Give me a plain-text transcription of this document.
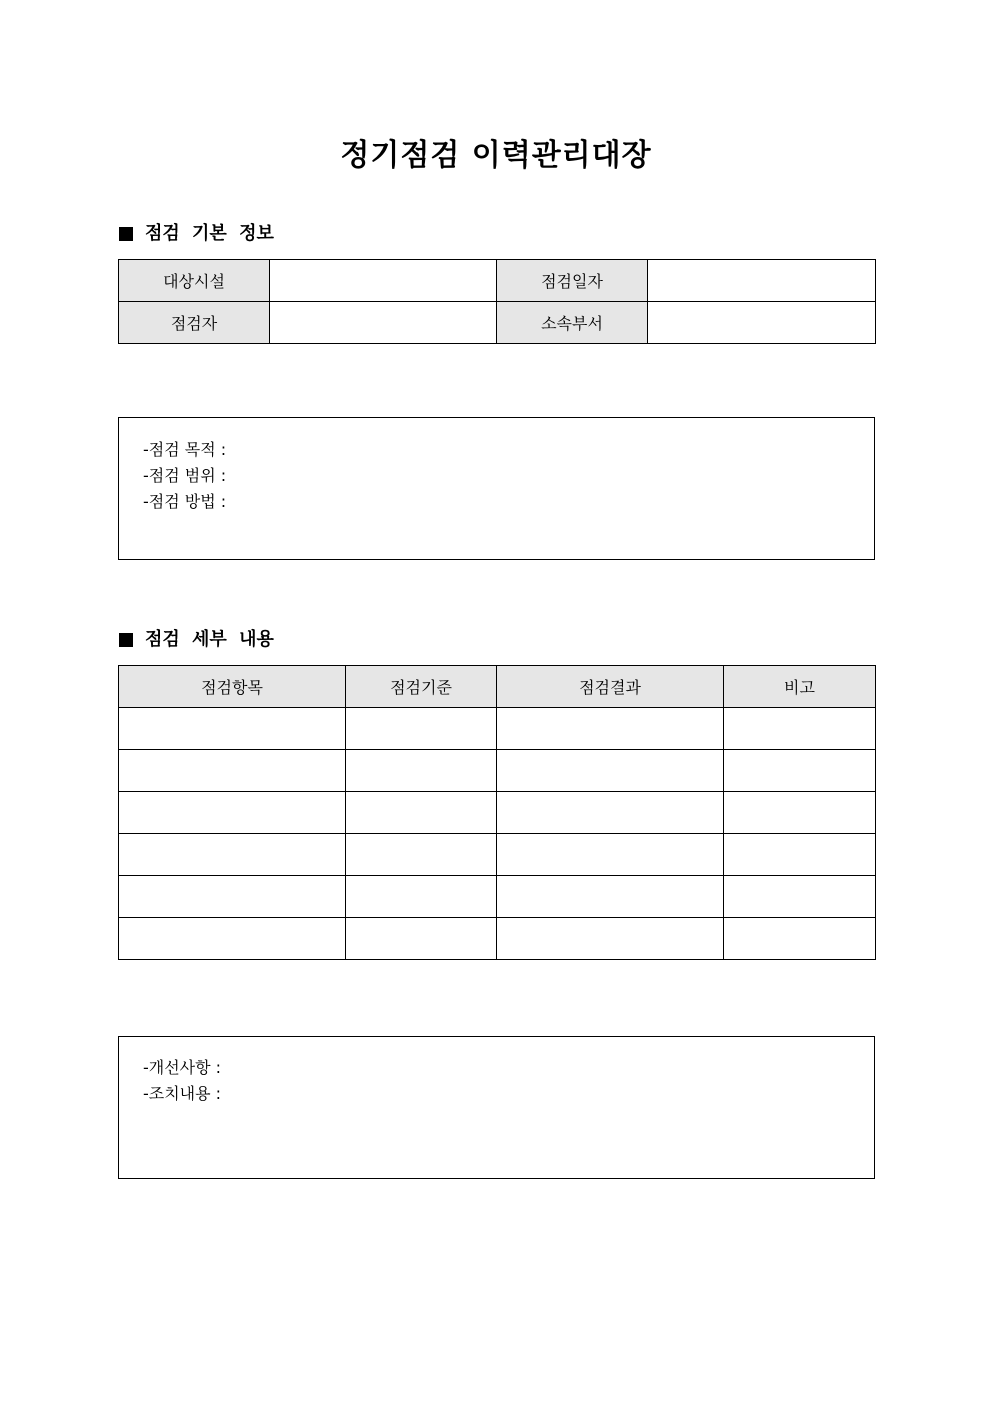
정기점검 이력관리대장
점검 기본 정보
대상시설		점검일자	
점검자		소속부서	
-점검 목적 :
-점검 범위 :
-점검 방법 :
점검 세부 내용
점검항목	점검기준	점검결과	비고

-개선사항 :
-조치내용 :
